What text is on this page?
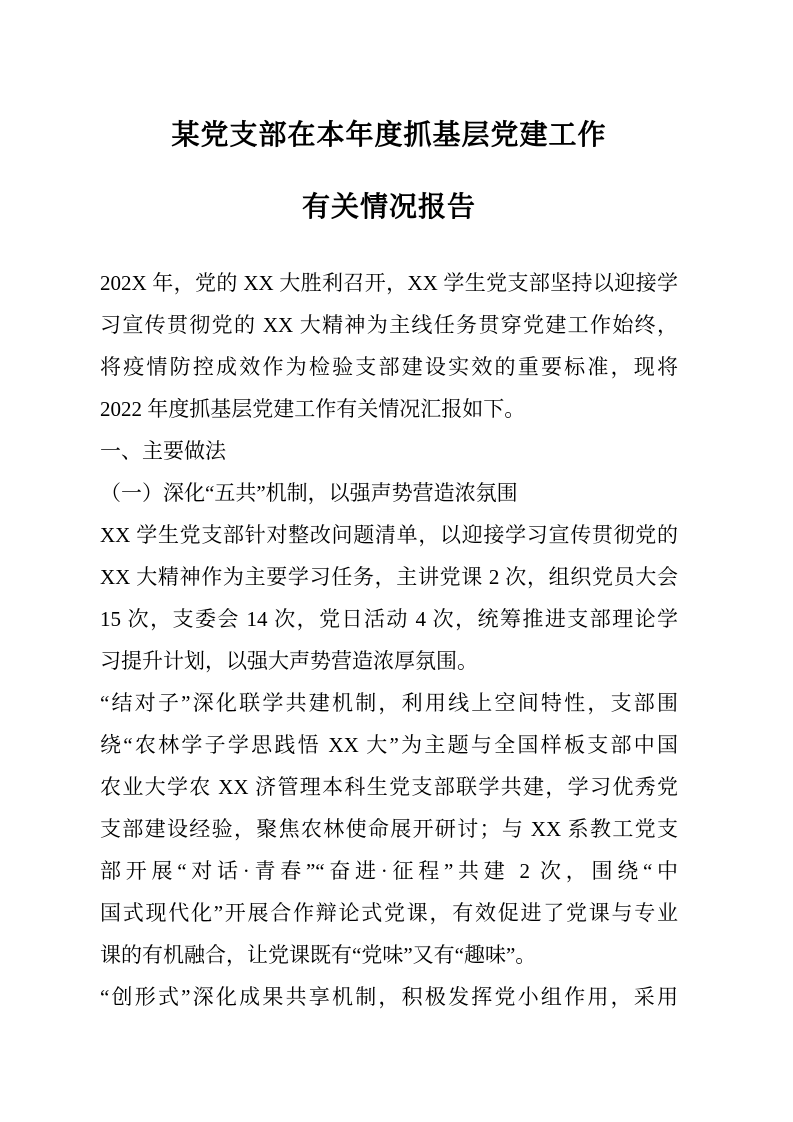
某党支部在本年度抓基层党建工作
有关情况报告
202X 年，党的 XX 大胜利召开，XX 学生党支部坚持以迎接学
习宣传贯彻党的 XX 大精神为主线任务贯穿党建工作始终，
将疫情防控成效作为检验支部建设实效的重要标准，现将
2022 年度抓基层党建工作有关情况汇报如下。
一、主要做法
（一）深化“五共”机制，以强声势营造浓氛围
XX 学生党支部针对整改问题清单，以迎接学习宣传贯彻党的
XX 大精神作为主要学习任务，主讲党课 2 次，组织党员大会
15 次，支委会 14 次，党日活动 4 次，统筹推进支部理论学
习提升计划，以强大声势营造浓厚氛围。
“结对子”深化联学共建机制，利用线上空间特性，支部围
绕“农林学子学思践悟 XX 大”为主题与全国样板支部中国
农业大学农 XX 济管理本科生党支部联学共建，学习优秀党
支部建设经验，聚焦农林使命展开研讨；与 XX 系教工党支
部开展“对话·青春”“奋进·征程”共建 2 次，围绕“中
国式现代化”开展合作辩论式党课，有效促进了党课与专业
课的有机融合，让党课既有“党味”又有“趣味”。
“创形式”深化成果共享机制，积极发挥党小组作用，采用
